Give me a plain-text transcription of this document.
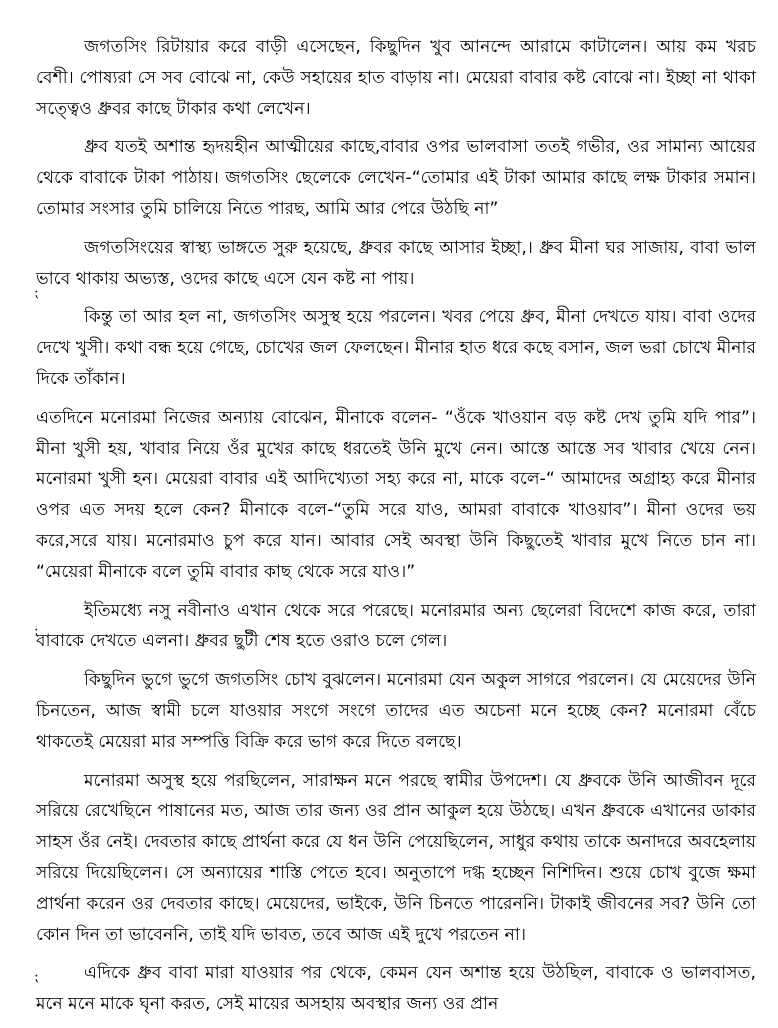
জগতসিং রিটায়ার করে বাড়ী এসেছেন, কিছুদিন খুব আনন্দে আরামে কাটালেন। আয় কম খরচ বেশী। পোষ্যরা সে সব বোঝে না, কেউ সহায়ের হাত বাড়ায় না। মেয়েরা বাবার কষ্ট বোঝে না। ইচ্ছা না থাকা সত্ত্বেও ধ্রুবর কাছে টাকার কথা লেখেন।

ধ্রুব যতই অশান্ত হৃদয়হীন আত্মীয়ের কাছে,বাবার ওপর ভালবাসা ততই গভীর, ওর সামান্য আয়ের থেকে বাবাকে টাকা পাঠায়। জগতসিং ছেলেকে লেখেন-“তোমার এই টাকা আমার কাছে লক্ষ টাকার সমান। তোমার সংসার তুমি চালিয়ে নিতে পারছ, আমি আর পেরে উঠছি না”

জগতসিংয়ের স্বাস্থ্য ভাঙ্গতে সুরু হয়েছে, ধ্রুবর কাছে আসার ইচ্ছা,। ধ্রুব মীনা ঘর সাজায়, বাবা ভাল ভাবে থাকায় অভ্যস্ত, ওদের কাছে এসে যেন কষ্ট না পায়।

কিন্তু তা আর হল না, জগতসিং অসুস্থ হয়ে পরলেন। খবর পেয়ে ধ্রুব, মীনা দেখতে যায়। বাবা ওদের দেখে খুসী। কথা বন্ধ হয়ে গেছে, চোখের জল ফেলছেন। মীনার হাত ধরে কছে বসান, জল ভরা চোখে মীনার দিকে তাঁকান।

এতদিনে মনোরমা নিজের অন্যায় বোঝেন, মীনাকে বলেন- “ওঁকে খাওয়ান বড় কষ্ট দেখ তুমি যদি পার”। মীনা খুসী হয়, খাবার নিয়ে ওঁর মুখের কাছে ধরতেই উনি মুখে নেন। আস্তে আস্তে সব খাবার খেয়ে নেন। মনোরমা খুসী হন। মেয়েরা বাবার এই আদিখ্যেতা সহ্য করে না, মাকে বলে-“ আমাদের অগ্রাহ্য করে মীনার ওপর এত সদয় হলে কেন? মীনাকে বলে-“তুমি সরে যাও, আমরা বাবাকে খাওয়াব”। মীনা ওদের ভয় করে,সরে যায়। মনোরমাও চুপ করে যান। আবার সেই অবস্থা উনি কিছুতেই খাবার মুখে নিতে চান না। “মেয়েরা মীনাকে বলে তুমি বাবার কাছ থেকে সরে যাও।”

ইতিমধ্যে নসু নবীনাও এখান থেকে সরে পরেছে। মনোরমার অন্য ছেলেরা বিদেশে কাজ করে, তারা বাবাকে দেখতে এলনা। ধ্রুবর ছুটী শেষ হতে ওরাও চলে গেল।

কিছুদিন ভুগে ভুগে জগতসিং চোখ বুঝলেন। মনোরমা যেন অকুল সাগরে পরলেন। যে মেয়েদের উনি চিনতেন, আজ স্বামী চলে যাওয়ার সংগে সংগে তাদের এত অচেনা মনে হচ্ছে কেন? মনোরমা বেঁচে থাকতেই মেয়েরা মার সম্পত্তি বিক্রি করে ভাগ করে দিতে বলছে।

মনোরমা অসুস্থ হয়ে পরছিলেন, সারাক্ষন মনে পরছে স্বামীর উপদেশ। যে ধ্রুবকে উনি আজীবন দূরে সরিয়ে রেখেছিনে পাষানের মত, আজ তার জন্য ওর প্রান আকুল হয়ে উঠছে। এখন ধ্রুবকে এখানের ডাকার সাহস ওঁর নেই। দেবতার কাছে প্রার্থনা করে যে ধন উনি পেয়েছিলেন, সাধুর কথায় তাকে অনাদরে অবহেলায় সরিয়ে দিয়েছিলেন। সে অন্যায়ের শাস্তি পেতে হবে। অনুতাপে দগ্ধ হচ্ছেন নিশিদিন। শুয়ে চোখ বুজে ক্ষমা প্রার্থনা করেন ওর দেবতার কাছে। মেয়েদের, ভাইকে, উনি চিনতে পারেননি। টাকাই জীবনের সব? উনি তো কোন দিন তা ভাবেননি, তাই যদি ভাবত, তবে আজ এই দুখে পরতেন না।

এদিকে ধ্রুব বাবা মারা যাওয়ার পর থেকে, কেমন যেন অশান্ত হয়ে উঠছিল, বাবাকে ও ভালবাসত, মনে মনে মাকে ঘৃনা করত, সেই মায়ের অসহায় অবস্থার জন্য ওর প্রান

⁏
⁏
⁏
